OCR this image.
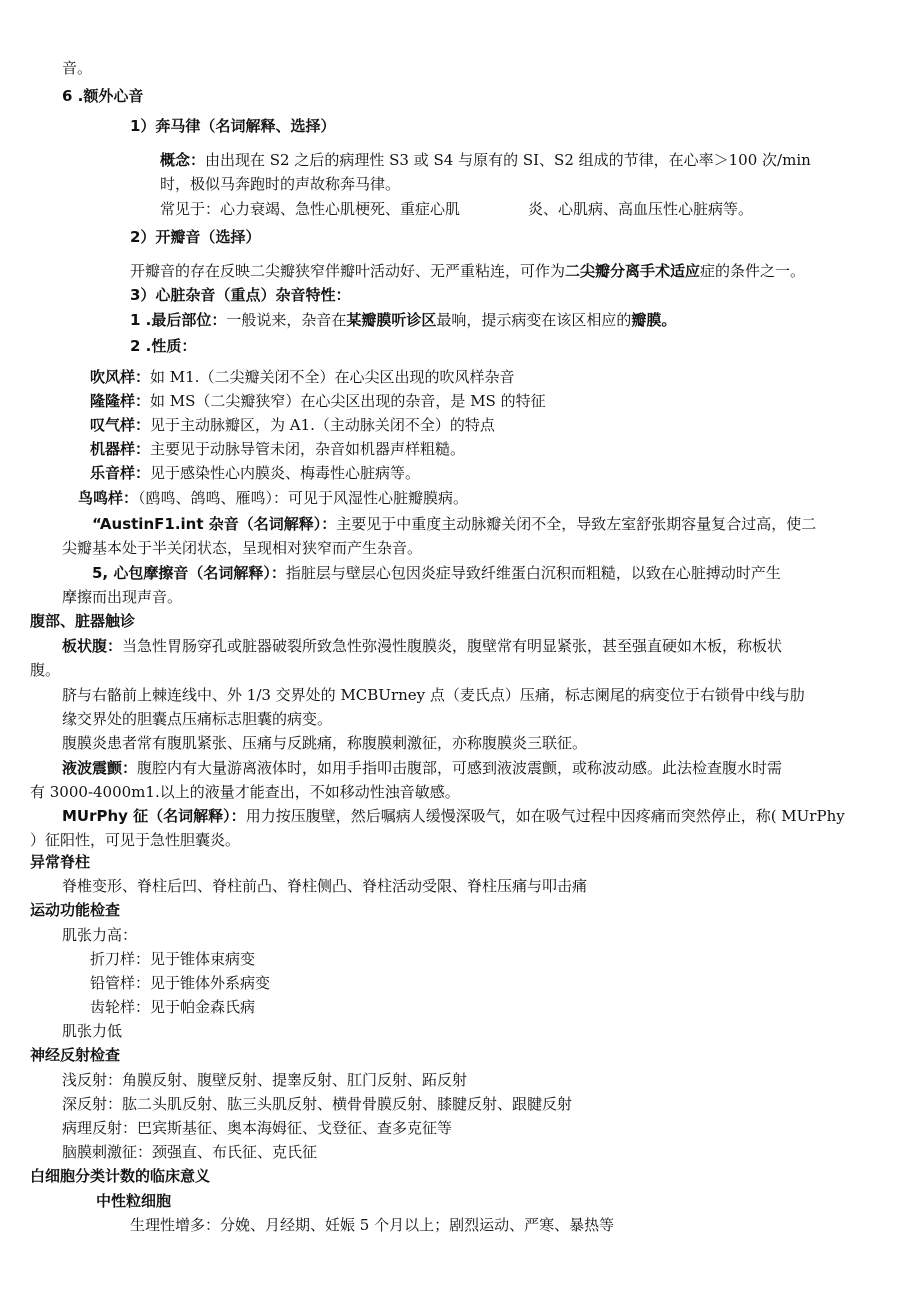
音。
6 .额外心音
1）奔马律（名词解释、选择）
概念：由出现在 S2 之后的病理性 S3 或 S4 与原有的 SI、S2 组成的节律，在心率＞100 次/min
时，极似马奔跑时的声故称奔马律。
常见于：心力衰竭、急性心肌梗死、重症心肌	炎、心肌病、高血压性心脏病等。
2）开瓣音（选择）
开瓣音的存在反映二尖瓣狭窄伴瓣叶活动好、无严重粘连，可作为二尖瓣分离手术适应症的条件之一。
3）心脏杂音（重点）杂音特性：
1 .最后部位：一般说来，杂音在某瓣膜听诊区最响，提示病变在该区相应的瓣膜。
2 .性质：
吹风样：如 M1.（二尖瓣关闭不全）在心尖区出现的吹风样杂音
隆隆样：如 MS（二尖瓣狭窄）在心尖区出现的杂音，是 MS 的特征
叹气样：见于主动脉瓣区，为 A1.（主动脉关闭不全）的特点
机器样：主要见于动脉导管未闭，杂音如机器声样粗糙。
乐音样：见于感染性心内膜炎、梅毒性心脏病等。
鸟鸣样：（鸥鸣、鸽鸣、雁鸣）：可见于风湿性心脏瓣膜病。
“AustinF1.int 杂音（名词解释）：主要见于中重度主动脉瓣关闭不全，导致左室舒张期容量复合过高，使二
尖瓣基本处于半关闭状态，呈现相对狭窄而产生杂音。
5, 心包摩擦音（名词解释）：指脏层与壁层心包因炎症导致纤维蛋白沉积而粗糙，以致在心脏搏动时产生
摩擦而出现声音。
腹部、脏器触诊
板状腹：当急性胃肠穿孔或脏器破裂所致急性弥漫性腹膜炎，腹壁常有明显紧张，甚至强直硬如木板，称板状
腹。
脐与右骼前上棘连线中、外 1/3 交界处的 MCBUrney 点（麦氏点）压痛，标志阑尾的病变位于右锁骨中线与肋
缘交界处的胆囊点压痛标志胆囊的病变。
腹膜炎患者常有腹肌紧张、压痛与反跳痛，称腹膜刺激征，亦称腹膜炎三联征。
液波震颤：腹腔内有大量游离液体时，如用手指叩击腹部，可感到液波震颤，或称波动感。此法检查腹水时需
有 3000-4000m1.以上的液量才能查出，不如移动性浊音敏感。
MUrPhy 征（名词解释）：用力按压腹壁，然后嘱病人缓慢深吸气，如在吸气过程中因疼痛而突然停止，称( MUrPhy
）征阳性，可见于急性胆囊炎。
异常脊柱
脊椎变形、脊柱后凹、脊柱前凸、脊柱侧凸、脊柱活动受限、脊柱压痛与叩击痛
运动功能检查
肌张力高：
折刀样：见于锥体束病变
铅管样：见于锥体外系病变
齿轮样：见于帕金森氏病
肌张力低
神经反射检查
浅反射：角膜反射、腹壁反射、提睾反射、肛门反射、跖反射
深反射：肱二头肌反射、肱三头肌反射、横骨骨膜反射、膝腱反射、跟腱反射
病理反射：巴宾斯基征、奥本海姆征、戈登征、查多克征等
脑膜刺激征：颈强直、布氏征、克氏征
白细胞分类计数的临床意义
中性粒细胞
生理性增多：分娩、月经期、妊娠 5 个月以上；剧烈运动、严寒、暴热等
